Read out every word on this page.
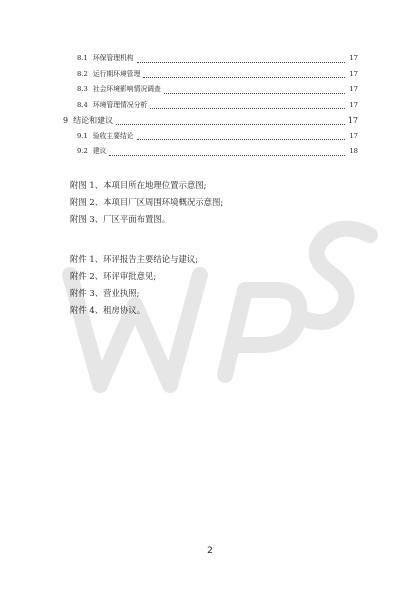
8.1 环保管理机构	17
8.2 运行期环境管理	17
8.3 社会环境影响情况调查	17
8.4 环境管理情况分析	17
9 结论和建议	17
9.1 验收主要结论	17
9.2 建议	18
附图 1、本项目所在地理位置示意图;
附图 2、本项目厂区周围环境概况示意图;
附图 3、厂区平面布置图。
附件 1、环评报告主要结论与建议;
附件 2、环评审批意见;
附件 3、营业执照;
附件 4、租房协议。
2
